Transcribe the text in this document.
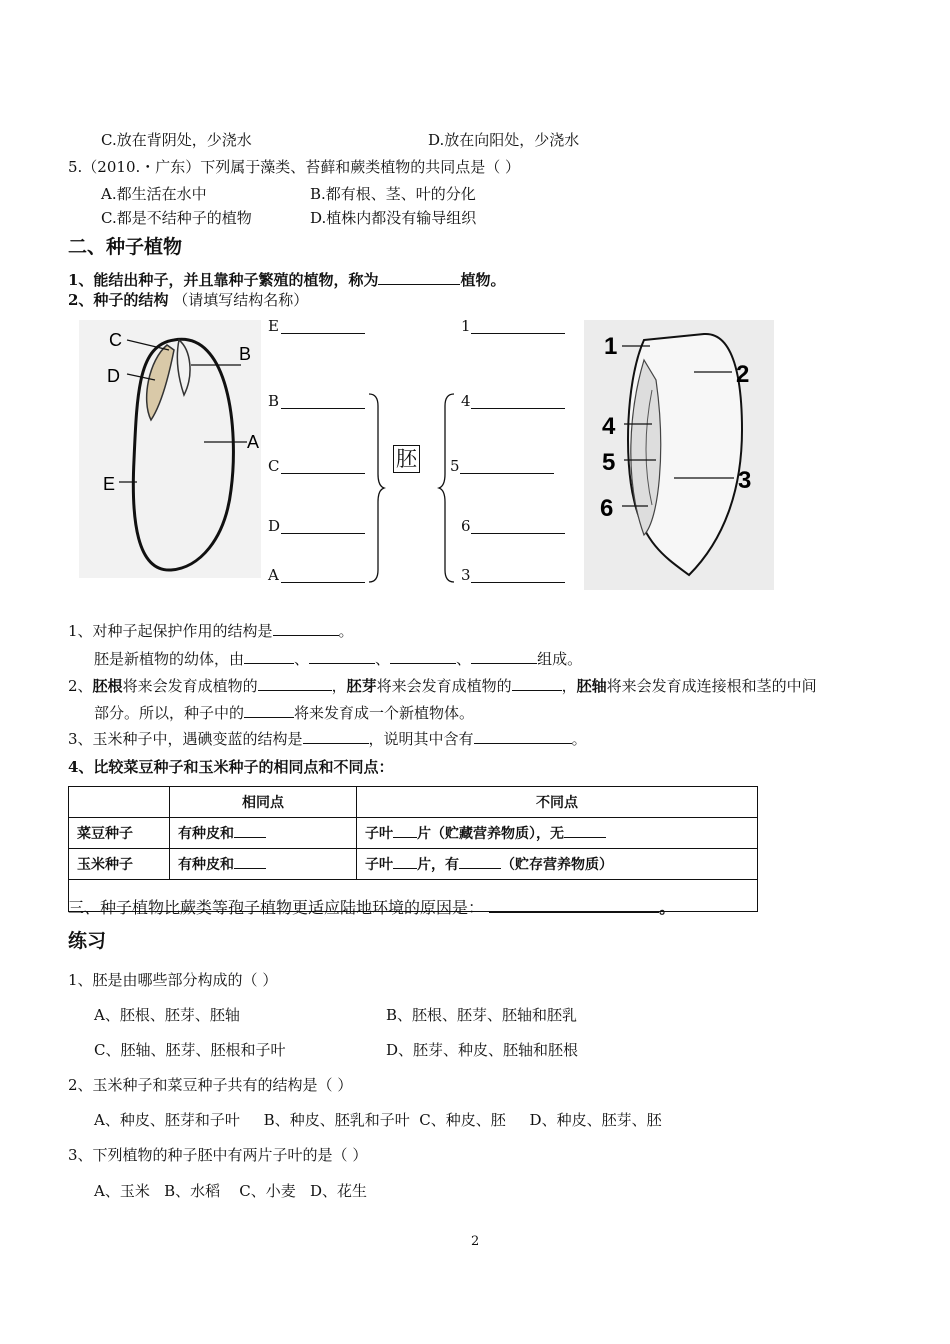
C.放在背阴处，少浇水	D.放在向阳处，少浇水
5.（2010.・广东）下列属于藻类、苔藓和蕨类植物的共同点是（ ）
A.都生活在水中	B.都有根、茎、叶的分化
C.都是不结种子的植物	D.植株内都没有输导组织
二、种子植物
1、能结出种子，并且靠种子繁殖的植物，称为	植物。
2、种子的结构 （请填写结构名称）
C
B
D
A
E
E
B
C
D
A
胚
1
4
5
6
3
1
2
4
5
3
6
1、对种子起保护作用的结构是	。
胚是新植物的幼体，由	、	、	、	组成。
2、胚根将来会发育成植物的	，胚芽将来会发育成植物的	，胚轴将来会发育成连接根和茎的中间
部分。所以，种子中的	将来发育成一个新植物体。
3、玉米种子中，遇碘变蓝的结构是	，说明其中含有	。
4、比较菜豆种子和玉米种子的相同点和不同点：
	相同点	不同点
菜豆种子	有种皮和	子叶 片（贮藏营养物质），无
玉米种子	有种皮和	子叶 片，有 （贮存营养物质）

三、种子植物比蕨类等孢子植物更适应陆地环境的原因是：	。
练习
1、胚是由哪些部分构成的（ ）
A、胚根、胚芽、胚轴	B、胚根、胚芽、胚轴和胚乳
C、胚轴、胚芽、胚根和子叶	D、胚芽、种皮、胚轴和胚根
2、玉米种子和菜豆种子共有的结构是（ ）
A、种皮、胚芽和子叶     B、种皮、胚乳和子叶  C、种皮、胚     D、种皮、胚芽、胚
3、下列植物的种子胚中有两片子叶的是（ ）
A、玉米   B、水稻    C、小麦   D、花生
2
